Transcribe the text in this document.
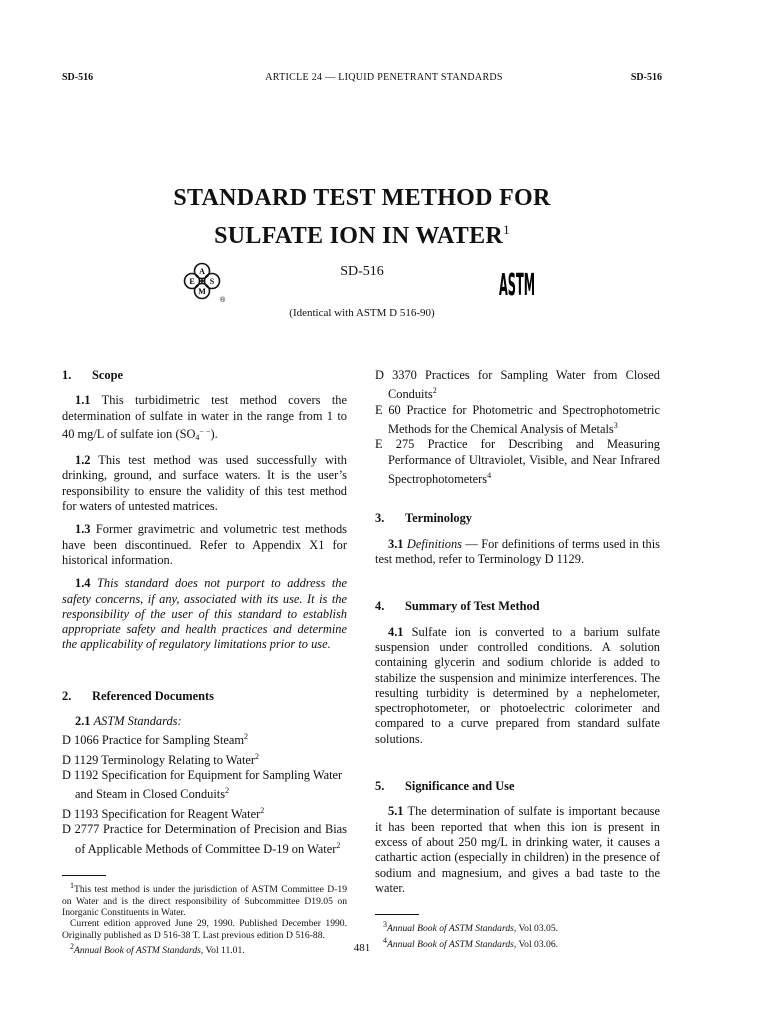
ARTICLE 24 — LIQUID PENETRANT STANDARDS
SD-516	SD-516
STANDARD TEST METHOD FOR
SULFATE ION IN WATER$^1$
A
E S
M
®
SD-516	ASTM
(Identical with ASTM D 516-90)
1. Scope

1.1 This turbidimetric test method covers the determination of sulfate in water in the range from 1 to 40 mg/L of sulfate ion $(SO_4^{- -})$.

1.2 This test method was used successfully with drinking, ground, and surface waters. It is the user’s responsibility to ensure the validity of this test method for waters of untested matrices.

1.3 Former gravimetric and volumetric test methods have been discontinued. Refer to Appendix X1 for historical information.

1.4 This standard does not purport to address the safety concerns, if any, associated with its use. It is the responsibility of the user of this standard to establish appropriate safety and health practices and determine the applicability of regulatory limitations prior to use.

2. Referenced Documents

2.1 ASTM Standards:

D 1066 Practice for Sampling Steam$^2$
D 1129 Terminology Relating to Water$^2$
D 1192 Specification for Equipment for Sampling Water and Steam in Closed Conduits$^2$
D 1193 Specification for Reagent Water$^2$
D 2777 Practice for Determination of Precision and Bias of Applicable Methods of Committee D-19 on Water$^2$

$^1$This test method is under the jurisdiction of ASTM Committee D-19 on Water and is the direct responsibility of Subcommittee D19.05 on Inorganic Constituents in Water.

Current edition approved June 29, 1990. Published December 1990. Originally published as D 516-38 T. Last previous edition D 516-88.

$^2$Annual Book of ASTM Standards, Vol 11.01.

D 3370 Practices for Sampling Water from Closed Conduits$^2$
E 60 Practice for Photometric and Spectrophotometric Methods for the Chemical Analysis of Metals$^3$
E 275 Practice for Describing and Measuring Performance of Ultraviolet, Visible, and Near Infrared Spectrophotometers$^4$
3. Terminology

3.1 Definitions — For definitions of terms used in this test method, refer to Terminology D 1129.

4. Summary of Test Method

4.1 Sulfate ion is converted to a barium sulfate suspension under controlled conditions. A solution containing glycerin and sodium chloride is added to stabilize the suspension and minimize interferences. The resulting turbidity is determined by a nephelometer, spectrophotometer, or photoelectric colorimeter and compared to a curve prepared from standard sulfate solutions.

5. Significance and Use

5.1 The determination of sulfate is important because it has been reported that when this ion is present in excess of about 250 mg/L in drinking water, it causes a cathartic action (especially in children) in the presence of sodium and magnesium, and gives a bad taste to the water.

$^3$Annual Book of ASTM Standards, Vol 03.05.

$^4$Annual Book of ASTM Standards, Vol 03.06.

481
